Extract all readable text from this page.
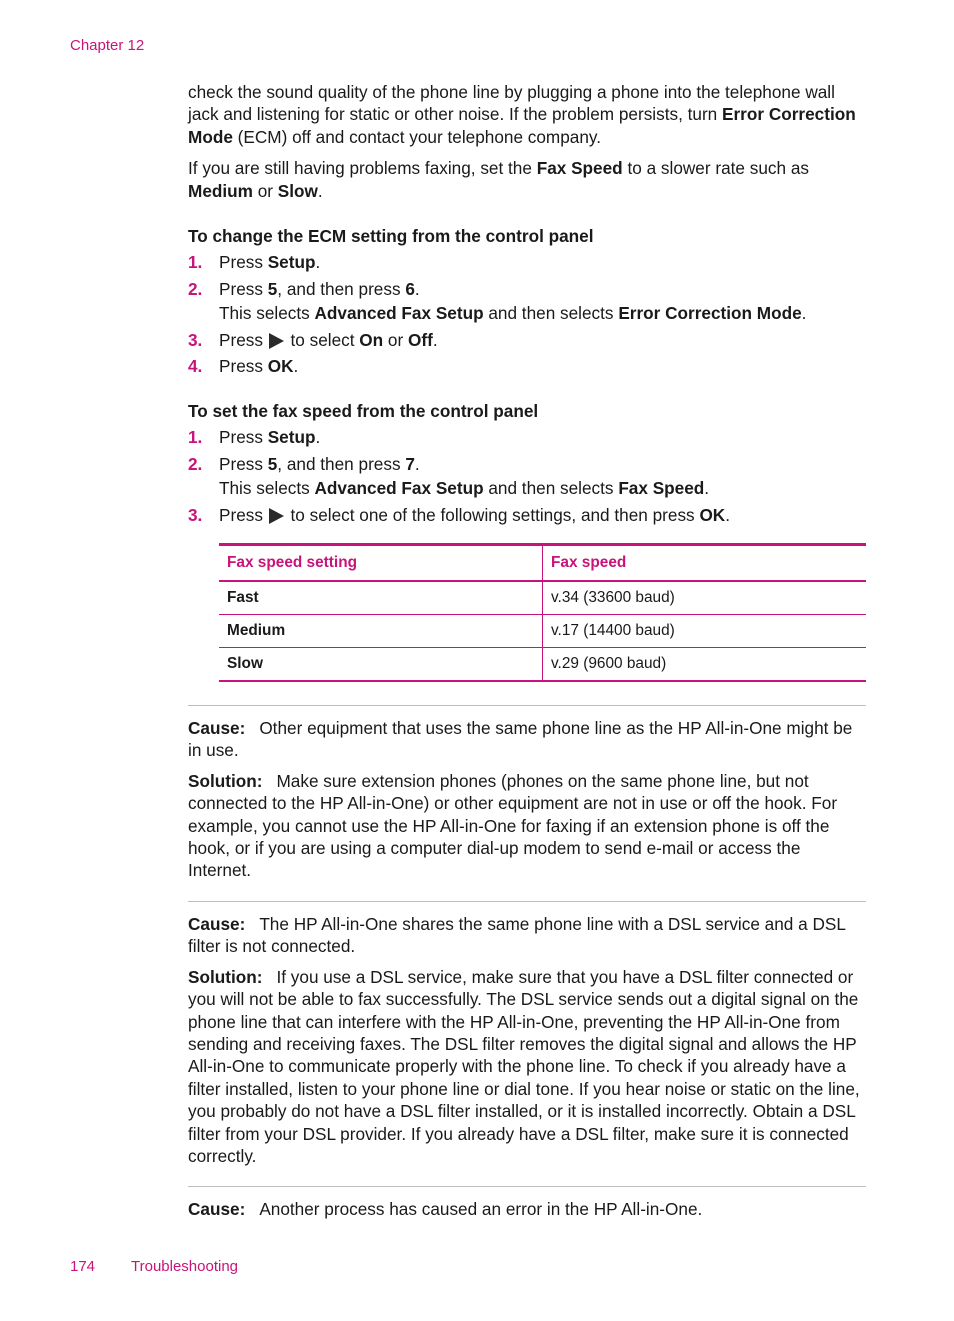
Chapter 12

check the sound quality of the phone line by plugging a phone into the telephone wall jack and listening for static or other noise. If the problem persists, turn Error Correction Mode (ECM) off and contact your telephone company.

If you are still having problems faxing, set the Fax Speed to a slower rate such as Medium or Slow.

To change the ECM setting from the control panel

1. Press Setup.
2. Press 5, and then press 6.
This selects Advanced Fax Setup and then selects Error Correction Mode.
3. Press  to select On or Off.
4. Press OK.

To set the fax speed from the control panel

1. Press Setup.
2. Press 5, and then press 7.
This selects Advanced Fax Setup and then selects Fax Speed.
3. Press  to select one of the following settings, and then press OK.
Fax speed setting	Fax speed
Fast	v.34 (33600 baud)
Medium	v.17 (14400 baud)
Slow	v.29 (9600 baud)

Cause: Other equipment that uses the same phone line as the HP All-in-One might be in use.

Solution: Make sure extension phones (phones on the same phone line, but not connected to the HP All-in-One) or other equipment are not in use or off the hook. For example, you cannot use the HP All-in-One for faxing if an extension phone is off the hook, or if you are using a computer dial-up modem to send e-mail or access the Internet.

Cause: The HP All-in-One shares the same phone line with a DSL service and a DSL filter is not connected.

Solution: If you use a DSL service, make sure that you have a DSL filter connected or you will not be able to fax successfully. The DSL service sends out a digital signal on the phone line that can interfere with the HP All-in-One, preventing the HP All-in-One from sending and receiving faxes. The DSL filter removes the digital signal and allows the HP All-in-One to communicate properly with the phone line. To check if you already have a filter installed, listen to your phone line or dial tone. If you hear noise or static on the line, you probably do not have a DSL filter installed, or it is installed incorrectly. Obtain a DSL filter from your DSL provider. If you already have a DSL filter, make sure it is connected correctly.

Cause: Another process has caused an error in the HP All-in-One.

174 Troubleshooting
